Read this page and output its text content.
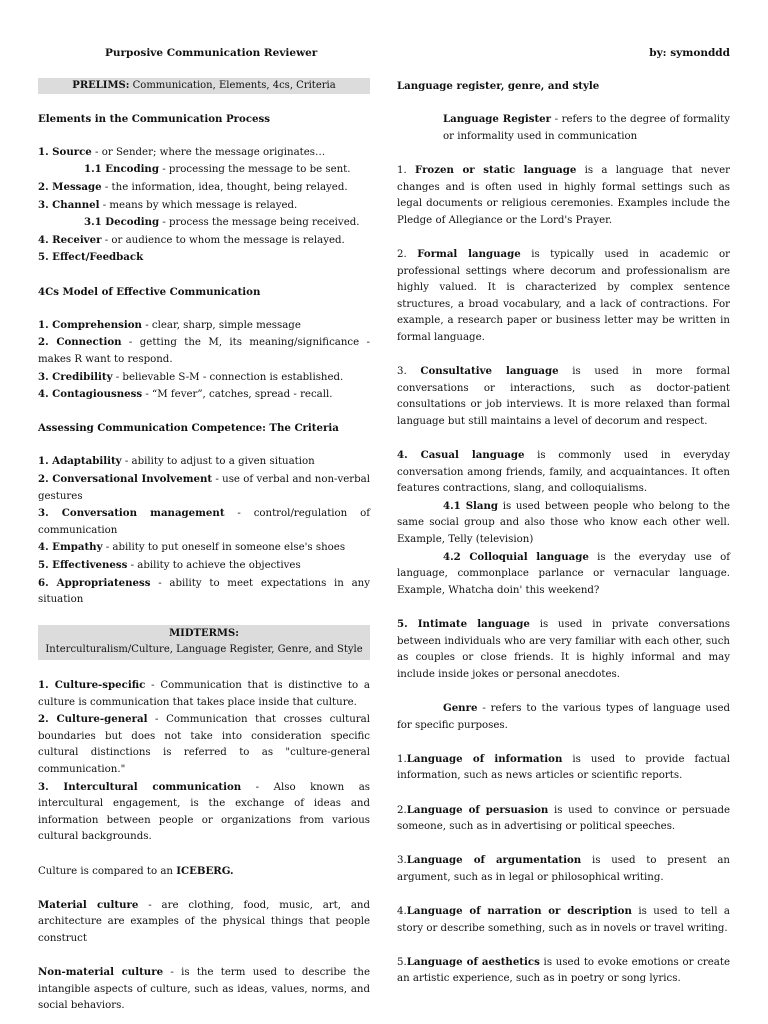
Purposive Communication Reviewer	by: symonddd
PRELIMS: Communication, Elements, 4cs, Criteria

Elements in the Communication Process

1. Source - or Sender; where the message originates…

1.1 Encoding - processing the message to be sent.

2. Message - the information, idea, thought, being relayed.

3. Channel - means by which message is relayed.

3.1 Decoding - process the message being received.

4. Receiver - or audience to whom the message is relayed.

5. Effect/Feedback

4Cs Model of Effective Communication

1. Comprehension - clear, sharp, simple message

2. Connection - getting the M, its meaning/significance - makes R want to respond.

3. Credibility - believable S-M - connection is established.

4. Contagiousness - “M fever”, catches, spread - recall.

Assessing Communication Competence: The Criteria

1. Adaptability - ability to adjust to a given situation

2. Conversational Involvement - use of verbal and non-verbal gestures

3. Conversation management - control/regulation of communication

4. Empathy - ability to put oneself in someone else's shoes

5. Effectiveness - ability to achieve the objectives

6. Appropriateness - ability to meet expectations in any situation

MIDTERMS:
Interculturalism/Culture, Language Register, Genre, and Style

1. Culture-specific - Communication that is distinctive to a culture is communication that takes place inside that culture.

2. Culture-general - Communication that crosses cultural boundaries but does not take into consideration specific cultural distinctions is referred to as "culture-general communication."

3. Intercultural communication - Also known as intercultural engagement, is the exchange of ideas and information between people or organizations from various cultural backgrounds.

Culture is compared to an ICEBERG.

Material culture - are clothing, food, music, art, and architecture are examples of the physical things that people construct

Non-material culture - is the term used to describe the intangible aspects of culture, such as ideas, values, norms, and social behaviors.

Language register, genre, and style

Language Register - refers to the degree of formality or informality used in communication

1. Frozen or static language is a language that never changes and is often used in highly formal settings such as legal documents or religious ceremonies. Examples include the Pledge of Allegiance or the Lord's Prayer.

2. Formal language is typically used in academic or professional settings where decorum and professionalism are highly valued. It is characterized by complex sentence structures, a broad vocabulary, and a lack of contractions. For example, a research paper or business letter may be written in formal language.

3. Consultative language is used in more formal conversations or interactions, such as doctor-patient consultations or job interviews. It is more relaxed than formal language but still maintains a level of decorum and respect.

4. Casual language is commonly used in everyday conversation among friends, family, and acquaintances. It often features contractions, slang, and colloquialisms.

4.1 Slang is used between people who belong to the same social group and also those who know each other well. Example, Telly (television)

4.2 Colloquial language is the everyday use of language, commonplace parlance or vernacular language. Example, Whatcha doin' this weekend?

5. Intimate language is used in private conversations between individuals who are very familiar with each other, such as couples or close friends. It is highly informal and may include inside jokes or personal anecdotes.

Genre - refers to the various types of language used for specific purposes.

1.Language of information is used to provide factual information, such as news articles or scientific reports.

2.Language of persuasion is used to convince or persuade someone, such as in advertising or political speeches.

3.Language of argumentation is used to present an argument, such as in legal or philosophical writing.

4.Language of narration or description is used to tell a story or describe something, such as in novels or travel writing.

5.Language of aesthetics is used to evoke emotions or create an artistic experience, such as in poetry or song lyrics.
